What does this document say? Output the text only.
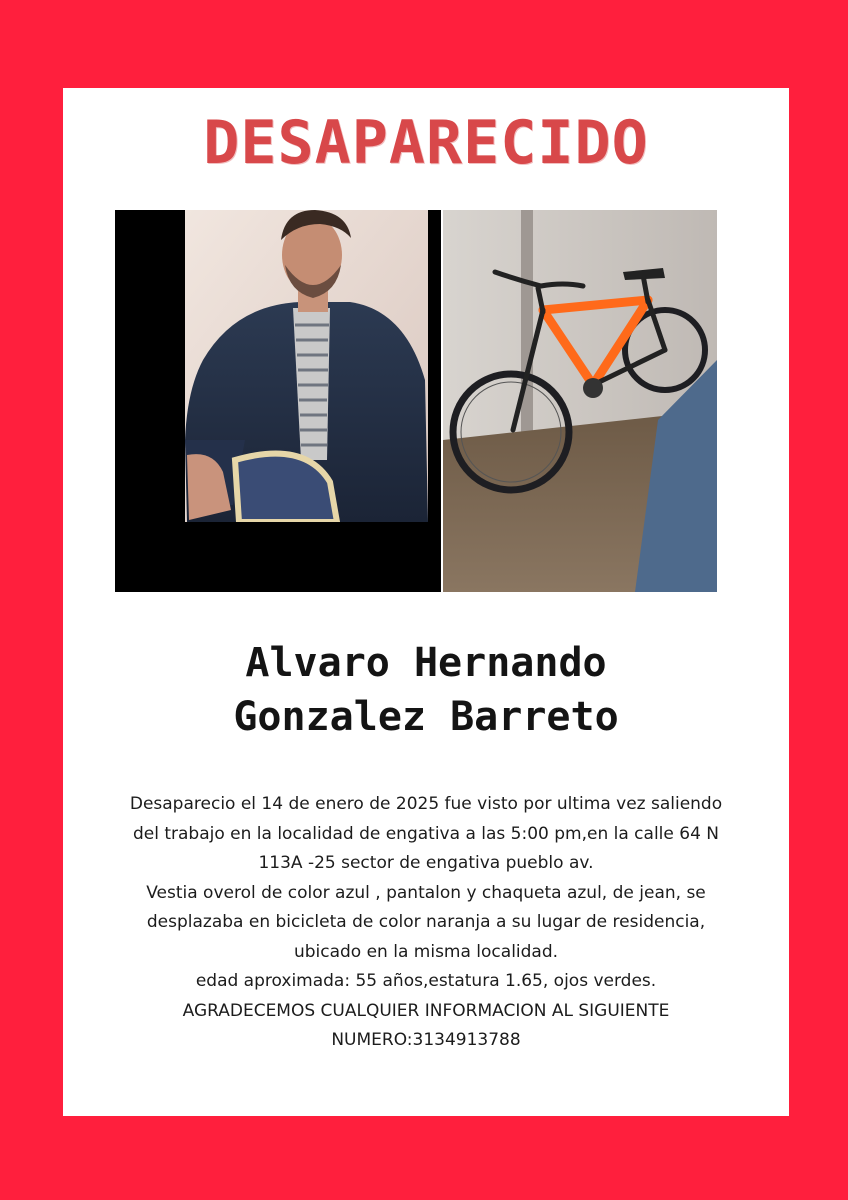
DESAPARECIDO
Alvaro Hernando
Gonzalez Barreto

Desaparecio el 14 de enero de 2025 fue visto por ultima vez saliendo

del trabajo en la localidad de engativa a las 5:00 pm,en la calle 64 N

113A -25 sector de engativa pueblo av.

Vestia overol de color azul , pantalon y chaqueta azul, de jean, se

desplazaba en bicicleta de color naranja a su lugar de residencia,

ubicado en la misma localidad.

edad aproximada: 55 años,estatura 1.65, ojos verdes.

AGRADECEMOS CUALQUIER INFORMACION AL SIGUIENTE

NUMERO:3134913788
